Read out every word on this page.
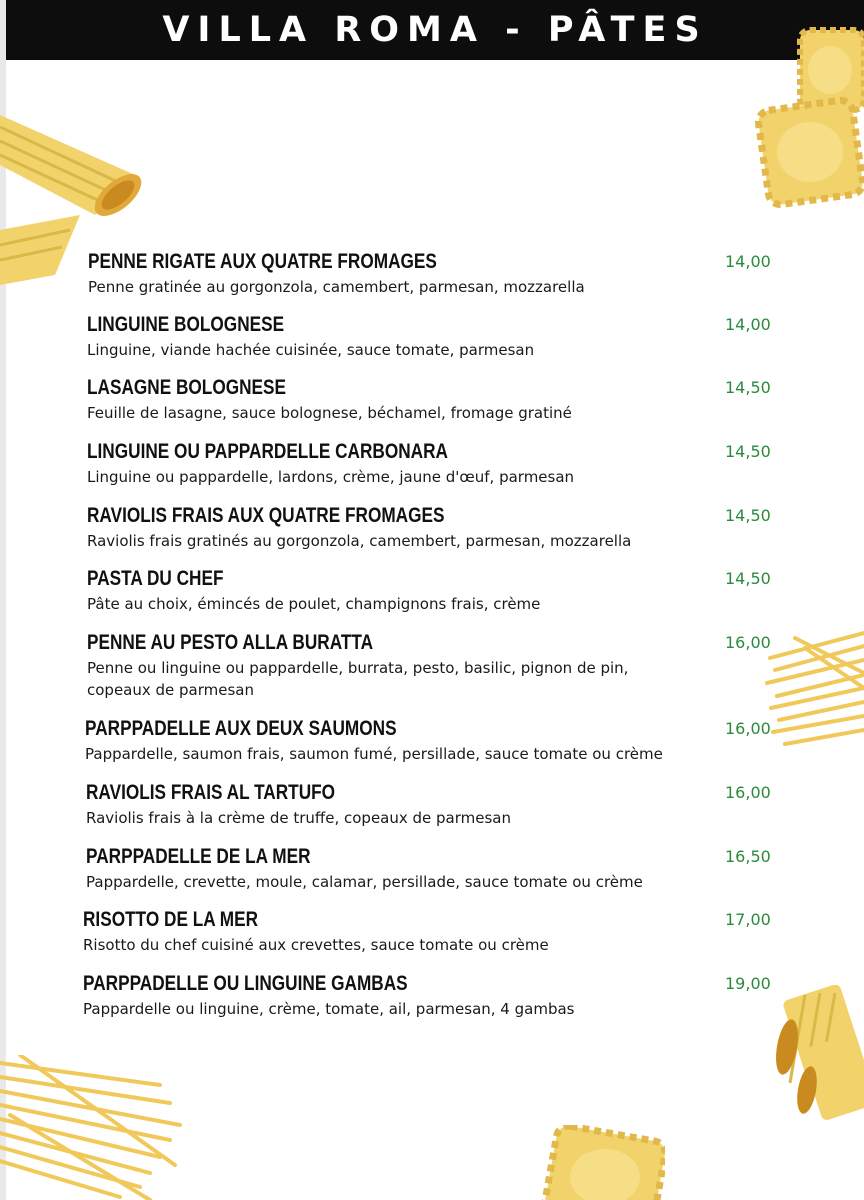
VILLA ROMA - PÂTES
PENNE RIGATE AUX QUATRE FROMAGES
Penne gratinée au gorgonzola, camembert, parmesan, mozzarella
14,00
LINGUINE BOLOGNESE
Linguine, viande hachée cuisinée, sauce tomate, parmesan
14,00
LASAGNE BOLOGNESE
Feuille de lasagne, sauce bolognese, béchamel, fromage gratiné
14,50
LINGUINE OU PAPPARDELLE CARBONARA
Linguine ou pappardelle, lardons, crème, jaune d'œuf, parmesan
14,50
RAVIOLIS FRAIS AUX QUATRE FROMAGES
Raviolis frais gratinés au gorgonzola, camembert, parmesan, mozzarella
14,50
PASTA DU CHEF
Pâte au choix, émincés de poulet, champignons frais, crème
14,50
PENNE AU PESTO ALLA BURATTA
Penne ou linguine ou pappardelle, burrata, pesto, basilic, pignon de pin, copeaux de parmesan
16,00
PARPPADELLE AUX DEUX SAUMONS
Pappardelle, saumon frais, saumon fumé, persillade, sauce tomate ou crème
16,00
RAVIOLIS FRAIS AL TARTUFO
Raviolis frais à la crème de truffe, copeaux de parmesan
16,00
PARPPADELLE DE LA MER
Pappardelle, crevette, moule, calamar, persillade, sauce tomate ou crème
16,50
RISOTTO DE LA MER
Risotto du chef cuisiné aux crevettes, sauce tomate ou crème
17,00
PARPPADELLE OU LINGUINE GAMBAS
Pappardelle ou linguine, crème, tomate, ail, parmesan, 4 gambas
19,00
